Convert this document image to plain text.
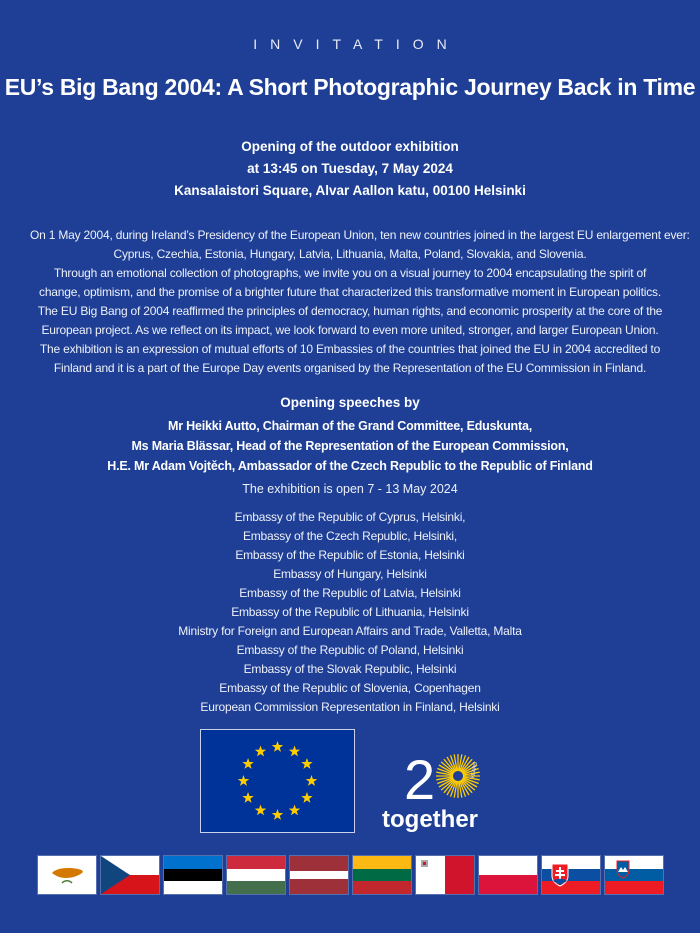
INVITATION
EU’s Big Bang 2004: A Short Photographic Journey Back in Time
Opening of the outdoor exhibition
at 13:45 on Tuesday, 7 May 2024
Kansalaistori Square, Alvar Aallon katu, 00100 Helsinki
On 1 May 2004, during Ireland’s Presidency of the European Union, ten new countries joined in the largest EU enlargement ever:
Cyprus, Czechia, Estonia, Hungary, Latvia, Lithuania, Malta, Poland, Slovakia, and Slovenia.
Through an emotional collection of photographs, we invite you on a visual journey to 2004 encapsulating the spirit of
change, optimism, and the promise of a brighter future that characterized this transformative moment in European politics.
The EU Big Bang of 2004 reaffirmed the principles of democracy, human rights, and economic prosperity at the core of the
European project. As we reflect on its impact, we look forward to even more united, stronger, and larger European Union.
The exhibition is an expression of mutual efforts of 10 Embassies of the countries that joined the EU in 2004 accredited to
Finland and it is a part of the Europe Day events organised by the Representation of the EU Commission in Finland.
Opening speeches by
Mr Heikki Autto, Chairman of the Grand Committee, Eduskunta,
Ms Maria Blässar, Head of the Representation of the European Commission,
H.E. Mr Adam Vojtěch, Ambassador of the Czech Republic to the Republic of Finland
The exhibition is open 7 - 13 May 2024
Embassy of the Republic of Cyprus, Helsinki,
Embassy of the Czech Republic, Helsinki,
Embassy of the Republic of Estonia, Helsinki
Embassy of Hungary, Helsinki
Embassy of the Republic of Latvia, Helsinki
Embassy of the Republic of Lithuania, Helsinki
Ministry for Foreign and European Affairs and Trade, Valletta, Malta
Embassy of the Republic of Poland, Helsinki
Embassy of the Slovak Republic, Helsinki
Embassy of the Republic of Slovenia, Copenhagen
European Commission Representation in Finland, Helsinki
2	YEARS
together
